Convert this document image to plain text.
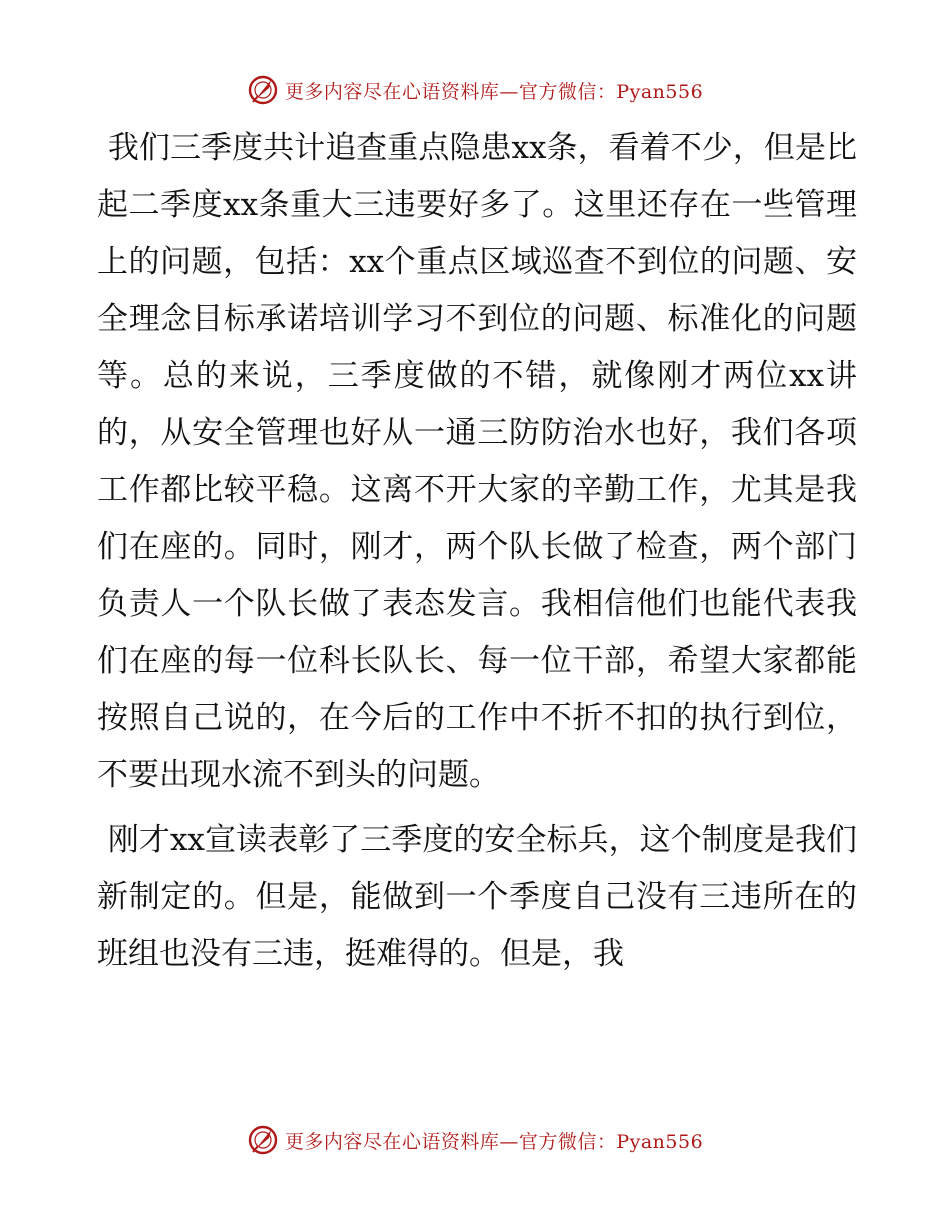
更多内容尽在心语资料库—官方微信：Pyan556

我们三季度共计追查重点隐患xx条，看着不少，但是比起二季度xx条重大三违要好多了。这里还存在一些管理上的问题，包括：xx个重点区域巡查不到位的问题、安全理念目标承诺培训学习不到位的问题、标准化的问题等。总的来说，三季度做的不错，就像刚才两位xx讲的，从安全管理也好从一通三防防治水也好，我们各项工作都比较平稳。这离不开大家的辛勤工作，尤其是我们在座的。同时，刚才，两个队长做了检查，两个部门负责人一个队长做了表态发言。我相信他们也能代表我们在座的每一位科长队长、每一位干部，希望大家都能按照自己说的，在今后的工作中不折不扣的执行到位，不要出现水流不到头的问题。

刚才xx宣读表彰了三季度的安全标兵，这个制度是我们新制定的。但是，能做到一个季度自己没有三违所在的班组也没有三违，挺难得的。但是，我

更多内容尽在心语资料库—官方微信：Pyan556
